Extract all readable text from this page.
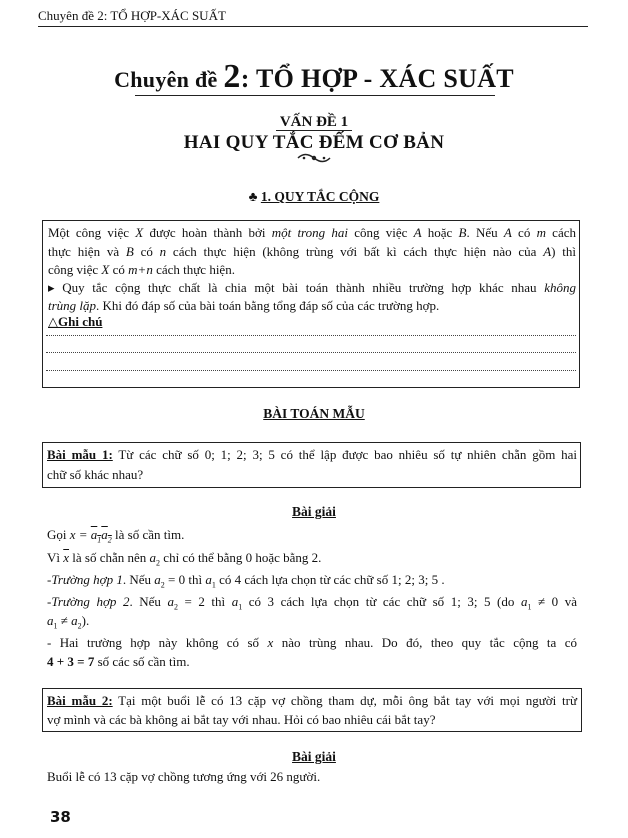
Chuyên đề 2: TỔ HỢP-XÁC SUẤT
Chuyên đề 2: TỔ HỢP - XÁC SUẤT
VẤN ĐỀ 1
HAI QUY TẮC ĐẾM CƠ BẢN
♣ 1. QUY TẮC CỘNG
Một công việc X được hoàn thành bởi một trong hai công việc A hoặc B. Nếu A có m cách
thực hiện và B có n cách thực hiện (không trùng với bất kì cách thực hiện nào của A) thì
công việc X có m+n cách thực hiện.
▸ Quy tắc cộng thực chất là chia một bài toán thành nhiều trường hợp khác nhau không
trùng lặp. Khi đó đáp số của bài toán bằng tổng đáp số của các trường hợp.
△Ghi chú
BÀI TOÁN MẪU
Bài mẫu 1: Từ các chữ số 0; 1; 2; 3; 5 có thể lập được bao nhiêu số tự nhiên chẵn gồm hai
chữ số khác nhau?
Bài giải
Gọi $x = a_1a_2$ là số cần tìm.
Vì $\overline{x}$ là số chẵn nên $a_2$ chỉ có thể bằng 0 hoặc bằng 2.
-Trường hợp 1. Nếu $a_2 = 0$ thì $a_1$ có 4 cách lựa chọn từ các chữ số 1; 2; 3; 5 .
-Trường hợp 2. Nếu $a_2 = 2$ thì $a_1$ có 3 cách lựa chọn từ các chữ số 1; 3; 5 (do $a_1 \ne 0$ và
$a_1 \ne a_2$).
- Hai trường hợp này không có số x nào trùng nhau. Do đó, theo quy tắc cộng ta có
4 + 3 = 7 số các số cần tìm.
Bài mẫu 2: Tại một buổi lễ có 13 cặp vợ chồng tham dự, mỗi ông bắt tay với mọi người trừ
vợ mình và các bà không ai bắt tay với nhau. Hỏi có bao nhiêu cái bắt tay?
Bài giải
Buổi lễ có 13 cặp vợ chồng tương ứng với 26 người.
38
